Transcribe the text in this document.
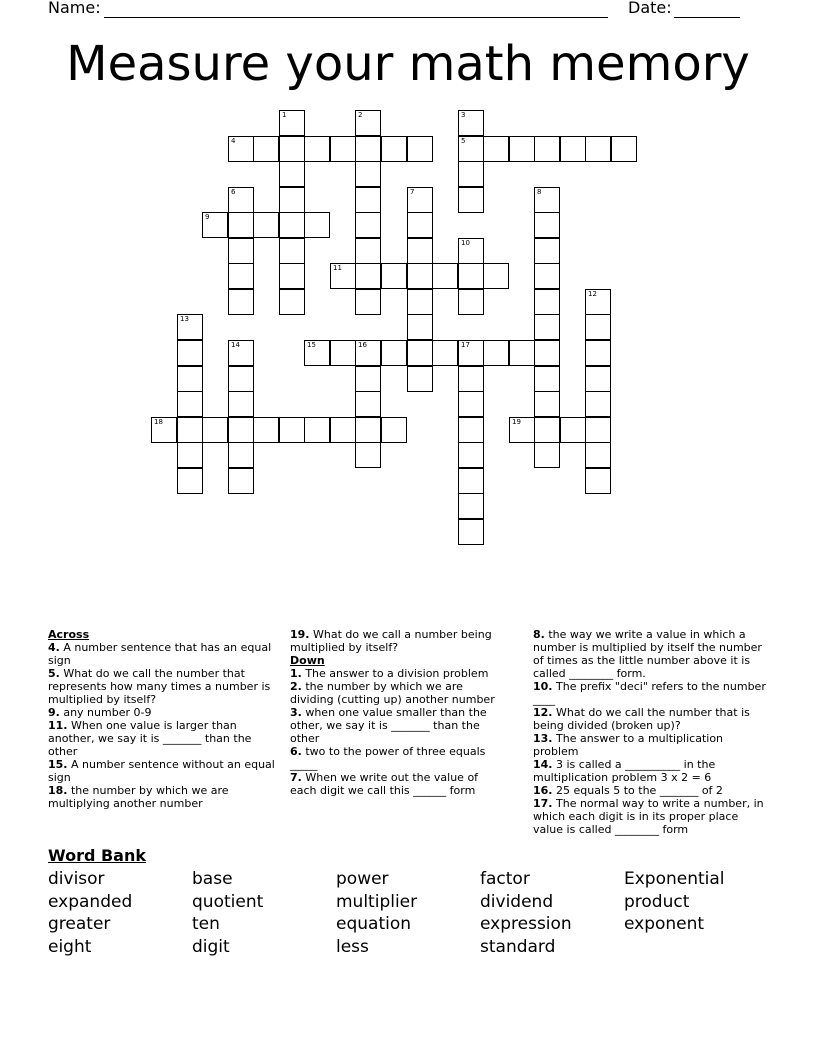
Name:	Date:
Measure your math memory
1	2	3
4	5
6	7	8
9
10
11
12
13
14	15	16	17
18	19
Across
4. A number sentence that has an equal sign
5. What do we call the number that represents how many times a number is multiplied by itself?
9. any number 0-9
11. When one value is larger than another, we say it is _______ than the other
15. A number sentence without an equal sign
18. the number by which we are multiplying another number
19. What do we call a number being multiplied by itself?
Down
1. The answer to a division problem
2. the number by which we are dividing (cutting up) another number
3. when one value smaller than the other, we say it is _______ than the other
6. two to the power of three equals _____
7. When we write out the value of each digit we call this ______ form
8. the way we write a value in which a number is multiplied by itself the number of times as the little number above it is called ________ form.
10. The prefix "deci" refers to the number ____
12. What do we call the number that is being divided (broken up)?
13. The answer to a multiplication problem
14. 3 is called a __________ in the multiplication problem 3 x 2 = 6
16. 25 equals 5 to the _______ of 2
17. The normal way to write a number, in which each digit is in its proper place value is called ________ form
Word Bank
divisor	base	power	factor	Exponential
expanded	quotient	multiplier	dividend	product
greater	ten	equation	expression	exponent
eight	digit	less	standard
